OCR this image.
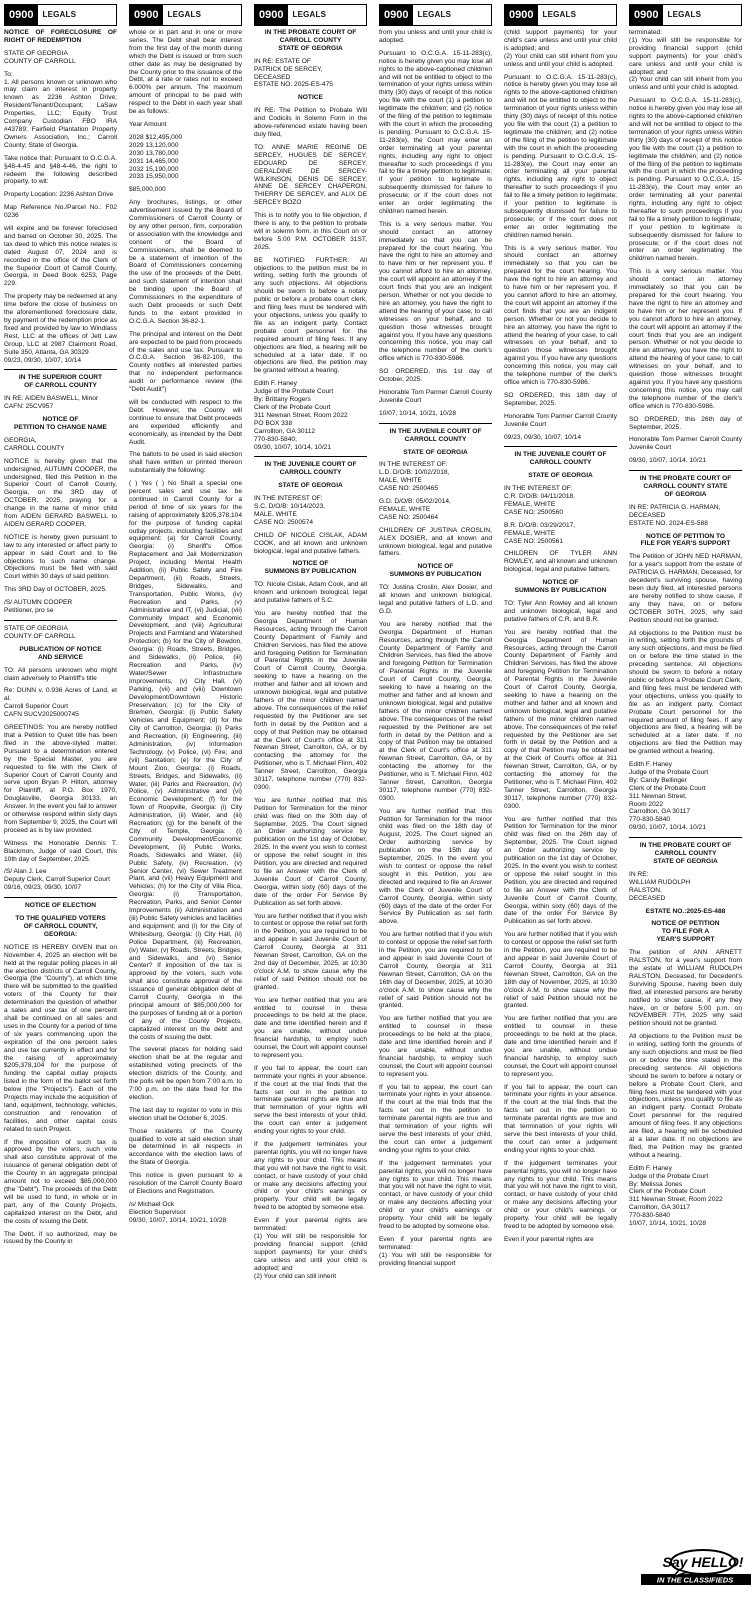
0900	LEGALS
NOTICE OF FORECLOSURE OF RIGHT OF REDEMPTION
STATE OF GEORGIA
COUNTY OF CARROLL
To:
1. All persons known or unknown who may claim an interest in property known as 2236 Ashton Drive; Resident/Tenant/Occupant; LaSaw Properties, LLC; Equity Trust Company Custodian FBO IRA #43789; Fairfield Plantation Property Owners Association, Inc.; Carroll County; State of Georgia.
Take notice that: Pursuant to O.C.G.A. §48-4-45 and §48-4-46, the right to redeem the following described property, to wit:
Property Location: 2236 Ashton Drive
Map Reference No./Parcel No.: F02 0236
will expire and be forever foreclosed and barred on October 30, 2025. The tax deed to which this notice relates is dated August 07, 2024 and is recorded in the office of the Clerk of the Superior Court of Carroll County, Georgia, in Deed Book 6253, Page 229.
The property may be redeemed at any time before the close of business on the aforementioned foreclosure date, by payment of the redemption price as fixed and provided by law to Windlass Rest, LLC at the offices of Jett Law Group, LLC at 2987 Clairmont Road, Suite 350, Atlanta, GA 30329
09/23, 09/30, 10/07, 10/14
IN THE SUPERIOR COURT
OF CARROLL COUNTY
IN RE: AIDEN BASWELL, Minor
CAFN: 25CV957
NOTICE OF
PETITION TO CHANGE NAME
GEORGIA,
CARROLL COUNTY
NOTICE is hereby given that the undersigned, AUTUMN COOPER, the undersigned, filed this Petition in the Superior Court of Carroll County, Georgia, on the 3RD day of OCTOBER, 2025, praying for a change in the name of minor child from AIDEN GERARD BASWELL to AIDEN GERARD COOPER.
NOTICE is hereby given pursuant to law to any interested or affect party to appear in said Court and to file objections to such name change. Objections must be filed with said Court within 30 days of said petition.
This 3RD Day of OCTOBER, 2025.
/S/ AUTUMN COOPER
Petitioner, pro se
STATE OF GEORGIA
COUNTY OF CARROLL
PUBLICATION OF NOTICE
AND SERVICE
TO: All persons unknown who might claim adversely to Plaintiff's title
Re: DUNN v. 0.936 Acres of Land, et al.
Carroll Superior Court
CAFN SUCV2025000745
GREETINGS: You are hereby notified that a Petition to Quiet title has been filed in the above-styled matter. Pursuant to a determination entered by the Special Master, you are requested to file with the Clerk of Superior Court of Carroll County and serve upon Bryan P. Hilton, attorney for Plaintiff, at P.O. Box 1970, Douglasville, Georgia 30133, an Answer. In the event you fail to answer or otherwise respond within sixty days from September 9, 2025, the Court will proceed as is by law provided.
Witness the Honorable Dennis T. Blackmon, Judge of said Court, this 10th day of September, 2025.
/S/ Alan J. Lee
Deputy Clerk, Carroll Superior Court
09/16, 09/23, 09/30, 10/07
NOTICE OF ELECTION
TO THE QUALIFIED VOTERS
OF CARROLL COUNTY,
GEORGIA:
NOTICE IS HEREBY GIVEN that on November 4, 2025 an election will be held at the regular polling places in all the election districts of Carroll County, Georgia (the "County"), at which time there will be submitted to the qualified voters of the County for their determination the question of whether a sales and use tax of one percent shall be continued on all sales and uses in the County for a period of time of six years commencing upon the expiration of the one percent sales and use tax currently in effect and for the raising of approximately $205,378,104 for the purpose of funding the capital outlay projects listed in the form of the ballot set forth below (the "Projects"). Each of the Projects may include the acquisition of land, equipment, technology, vehicles, construction and renovation of facilities, and other capital costs related to such Project.
If the imposition of such tax is approved by the voters, such vote shall also constitute approval of the issuance of general obligation debt of the County in an aggregate principal amount not to exceed $85,000,000 (the "Debt"). The proceeds of the Debt will be used to fund, in whole or in part, any of the County Projects, capitalized interest on the Debt, and the costs of issuing the Debt.
The Debt, if so authorized, may be issued by the County in
0900	LEGALS
whole or in part and in one or more series. The Debt shall bear interest from the first day of the month during which the Debt is issued or from such other date as may be designated by the County prior to the issuance of the Debt, at a rate or rates not to exceed 6.000% per annum. The maximum amount of principal to be paid with respect to the Debt in each year shall be as follows:
Year Amount
2028 $12,495,000
2029 13,120,000
2030 13,780,000
2031 14,465,000
2032 15,190,000
2033 15,950,000
$85,000,000
Any brochures, listings, or other advertisement issued by the Board of Commissioners of Carroll County or by any other person, firm, corporation or association with the knowledge and consent of the Board of Commissioners, shall be deemed to be a statement of intention of the Board of Commissioners concerning the use of the proceeds of the Debt, and such statement of intention shall be binding upon the Board of Commissioners in the expenditure of such Debt proceeds or such Debt funds to the extent provided in O.C.G.A. Section 36-82-1.
The principal and interest on the Debt are expected to be paid from proceeds of the sales and use tax. Pursuant to O.C.G.A. Section 36-82-100, the County notifies all interested parties that no independent performance audit or performance review (the "Debt Audit")
will be conducted with respect to the Debt. However, the County will continue to ensure that Debt proceeds are expended efficiently and economically, as intended by the Debt Audit.
The ballots to be used in said election shall have written or printed thereon substantially the following:
( ) Yes ( ) No Shall a special one percent sales and use tax be continued in Carroll County for a period of time of six years for the raising of approximately $205,378,104 for the purpose of funding capital outlay projects, including facilities and equipment: (a) for Carroll County, Georgia: (i) Sheriff's Office Replacement and Jail Modernization Project, including Mental Health Addition, (ii) Public Safety and Fire Department, (iii) Roads, Streets, Bridges, Sidewalks, and Transportation, Public Works, (iv) Recreation and Parks, (v) Administrative and IT, (vi) Judicial, (vii) Community Impact and Economic Development, and (viii) Agricultural Projects and Farmland and Watershed Protection; (b) for the City of Bowdon, Georgia: (i) Roads, Streets, Bridges, and Sidewalks, (ii) Police, (iii) Recreation and Parks, (iv) Water/Sewer Infrastructure Improvements, (v) City Hall, (vi) Parking, (vii) and (viii) Downtown Development/Downtown Historic Preservation; (c) for the City of Bremen, Georgia: (i) Public Safety Vehicles and Equipment; (d) for the City of Carrollton, Georgia: (i) Parks and Recreation, (ii) Engineering, (iii) Administration, (iv) Information Technology, (v) Police, (vi) Fire; and (vii) Sanitation; (e) for the City of Mount Zion, Georgia: (i) Roads, Streets, Bridges, and Sidewalks, (ii) Water, (iii) Parks and Recreation, (iv) Police, (v) Administrative and (vi) Economic Development; (f) for the Town of Roopville, Georgia: (i) City Administration, (ii) Water, and (iii) Recreation; (g) for the benefit of the City of Temple, Georgia: (i) Community Development/Economic Development, (ii) Public Works, Roads, Sidewalks and Water, (iii) Public Safety, (iv) Recreation, (v) Senior Center, (vi) Sewer Treatment Plant, and (vii) Heavy Equipment and Vehicles; (h) for the City of Villa Rica, Georgia: (i) Transportation, Recreation, Parks, and Senior Center Improvements (ii) Administration and (iii) Public Safety vehicles and facilities and equipment; and (i) for the City of Whitesburg, Georgia: (i) City Hall, (ii) Police Department, (iii) Recreation, (iv) Water, (v) Roads, Streets, Bridges, and Sidewalks, and (vi) Senior Center? If imposition of the tax is approved by the voters, such vote shall also constitute approval of the issuance of general obligation debt of Carroll County, Georgia in the principal amount of $85,000,000 for the purposes of funding all or a portion of any of the County Projects, capitalized interest on the debt and the costs of issuing the debt.
The several places for holding said election shall be at the regular and established voting precincts of the election districts of the County, and the polls will be open from 7:00 a.m. to 7:00 p.m. on the date fixed for the election.
The last day to register to vote in this election shall be October 6, 2025.
Those residents of the County qualified to vote at said election shall be determined in all respects in accordance with the election laws of the State of Georgia.
This notice is given pursuant to a resolution of the Carroll County Board of Elections and Registration.
/s/ Michael Ock
Election Supervisor
09/30, 10/07, 10/14, 10/21, 10/28
0900	LEGALS
IN THE PROBATE COURT OF
CARROLL COUNTY
STATE OF GEORGIA
IN RE: ESTATE OF
PATRICK DE SERCEY,
DECEASED
ESTATE NO. 2025-ES-475
NOTICE
IN RE: The Petition to Probate Will and Codicils in Solemn Form in the above-referenced estate having been duly filed,
TO: ANNE MARIE REGINE DE SERCEY, HUGUES DE SERCEY, EDOUARD DE SERCEY, GERALDINE DE SERCEY-WILKINSON, DENIS DE SERCEY, ANNE DE SERCEY CHAPERON, THIERRY DE SERCEY, and ALIX DE SERCEY BOZO
This is to notify you to file objection, if there is any, to the petition to probate will in solemn form, in this Court on or before 5:00 P.M. OCTOBER 31ST, 2025.
BE NOTIFIED FURTHER: All objections to the petition must be in writing, setting forth the grounds of any such objections. All objections should be sworn to before a notary public or before a probate court clerk, and filing fees must be tendered with your objections, unless you qualify to file as an indigent party. Contact probate court personnel for the required amount of filing fees. If any objections are filed, a hearing will be scheduled at a later date. If no objections are filed, the petition may be granted without a hearing.
Edith F. Haney
Judge of the Probate Court
By: Brittany Rogers
Clerk of the Probate Court
311 Newnan Street, Room 2022
PO BOX 338
Carrollton, GA 30112
770-830-5840,
09/30, 10/07, 10/14, 10/21
IN THE JUVENILE COURT OF
CARROLL COUNTY
STATE OF GEORGIA
IN THE INTEREST OF:
S.C. D/O/B: 10/14/2023,
MALE, WHITE
CASE NO: 2500574
CHILD OF NICOLE CISLAK, ADAM COOK, and all known and unknown biological, legal and putative fathers.
NOTICE OF
SUMMONS BY PUBLICATION
TO: Nicole Cislak, Adam Cook, and all known and unknown biological, legal and putative fathers of S.C.
You are hereby notified that the Georgia Department of Human Resources, acting through the Carroll County Department of Family and Children Services, has filed the above and foregoing Petition for Termination of Parental Rights in the Juvenile Court of Carroll County, Georgia, seeking to have a hearing on the mother and father and all known and unknown biological, legal and putative fathers of the minor children named above. The consequences of the relief requested by the Petitioner are set forth in detail by the Petition and a copy of that Petition may be obtained at the Clerk of Court's office at 311 Newnan Street, Carrollton, GA, or by contacting the attorney for the Petitioner, who is T. Michael Flinn, 402 Tanner Street, Carrollton, Georgia 30117, telephone number (770) 832-0300.
You are further notified that this Petition for Termination for the minor child was filed on the 30th day of September, 2025. The Court signed an Order authorizing service by publication on the 1st day of October, 2025. In the event you wish to contest or oppose the relief sought in this Petition, you are directed and required to file an Answer with the Clerk of Juvenile Court of Carroll County, Georgia, within sixty (60) days of the date of the order For Service By Publication as set forth above.
You are further notified that if you wish to contest or oppose the relief set forth in the Petition, you are required to be and appear in said Juvenile Court of Carroll County, Georgia at 311 Newnan Street, Carrollton, GA on the 2nd day of December, 2025, at 10:30 o'clock A.M. to show cause why the relief of said Petition should not be granted.
You are further notified that you are entitled to counsel in these proceedings to be held at the place, date and time identified herein and if you are unable, without undue financial hardship, to employ such counsel, the Court will appoint counsel to represent you.
If you fail to appear, the court can terminate your rights in your absence. If the court at the trial finds that the facts set out in the petition to terminate parental rights are true and that termination of your rights will serve the best interests of your child, the court can enter a judgement ending your rights to your child.
If the judgement terminates your parental rights, you will no longer have any rights to your child. This means that you will not have the right to visit, contact, or have custody of your child or make any decisions affecting your child or your child's earnings or property. Your child will be legally freed to be adopted by someone else.
Even if your parental rights are terminated:
(1) You will still be responsible for providing financial support (child support payments) for your child's care unless and until your child is adopted; and
(2) Your child can still inherit
0900	LEGALS
from you unless and until your child is adopted.
Pursuant to O.C.G.A. 15-11-283(c), notice is hereby given you may lose all rights to the above-captioned child/ren and will not be entitled to object to the termination of your rights unless within thirty (30) days of receipt of this notice you file with the court (1) a petition to legitimate the child/ren; and (2) notice of the filing of the petition to legitimate with the court in which the proceeding is pending. Pursuant to O.C.G.A. 15-11-283(e), the Court may enter an order terminating all your parental rights, including any right to object thereafter to such proceedings if you fail to file a timely petition to legitimate; if your petition to legitimate is subsequently dismissed for failure to prosecute; or if the court does not enter an order legitimating the child/ren named herein.
This is a very serious matter. You should contact an attorney immediately so that you can be prepared for the court hearing. You have the right to hire an attorney and to have him or her represent you. If you cannot afford to hire an attorney, the court will appoint an attorney if the court finds that you are an indigent person. Whether or not you decide to hire an attorney, you have the right to attend the hearing of your case, to call witnesses on your behalf, and to question those witnesses brought against you. If you have any questions concerning this notice, you may call the telephone number of the clerk's office which is 770-830-5986.
SO ORDERED, this 1st day of October, 2025.
Honorable Tom Parmer Carroll County Juvenile Court
10/07, 10/14, 10/21, 10/28
IN THE JUVENILE COURT OF
CARROLL COUNTY
STATE OF GEORGIA
IN THE INTEREST OF:
L.D. D/O/B: 10/02/2018,
MALE, WHITE
CASE NO: 2500465
G.D. D/O/B: 05/02/2014,
FEMALE, WHITE
CASE NO: 2500464
CHILDREN OF JUSTINA CROSLIN, ALEX DOSIER, and all known and unknown biological, legal and putative fathers.
NOTICE OF
SUMMONS BY PUBLICATION
TO: Justina Croslin, Alex Dosier, and all known and unknown biological, legal and putative fathers of L.D. and G.D.
You are hereby notified that the Georgia Department of Human Resources, acting through the Carroll County Department of Family and Children Services, has filed the above and foregoing Petition for Termination of Parental Rights in the Juvenile Court of Carroll County, Georgia, seeking to have a hearing on the mother and father and all known and unknown biological, legal and putative fathers of the minor children named above. The consequences of the relief requested by the Petitioner are set forth in detail by the Petition and a copy of that Petition may be obtained at the Clerk of Court's office at 311 Newnan Street, Carrollton, GA, or by contacting the attorney for the Petitioner, who is T. Michael Flinn, 402 Tanner Street, Carrollton, Georgia 30117, telephone number (770) 832-0300.
You are further notified that this Petition for Termination for the minor child was filed on the 18th day of August, 2025. The Court signed an Order authorizing service by publication on the 15th day of September, 2025. In the event you wish to contest or oppose the relief sought in this Petition, you are directed and required to file an Answer with the Clerk of Juvenile Court of Carroll County, Georgia, within sixty (60) days of the date of the order For Service By Publication as set forth above.
You are further notified that if you wish to contest or oppose the relief set forth in the Petition, you are required to be and appear in said Juvenile Court of Carroll County, Georgia at 311 Newnan Street, Carrollton, GA on the 16th day of December, 2025, at 10:30 o'clock A.M. to show cause why the relief of said Petition should not be granted.
You are further notified that you are entitled to counsel in these proceedings to be held at the place, date and time identified herein and if you are unable, without undue financial hardship, to employ such counsel, the Court will appoint counsel to represent you.
If you fail to appear, the court can terminate your rights in your absence. If the court at the trial finds that the facts set out in the petition to terminate parental rights are true and that termination of your rights will serve the best interests of your child, the court can enter a judgement ending your rights to your child.
If the judgement terminates your parental rights, you will no longer have any rights to your child. This means that you will not have the right to visit, contact, or have custody of your child or make any decisions affecting your child or your child's earnings or property. Your child will be legally freed to be adopted by someone else.
Even if your parental rights are terminated:
(1) You will still be responsible for providing financial support
0900	LEGALS
(child support payments) for your child's care unless and until your child is adopted; and
(2) Your child can still inherit from you unless and until your child is adopted.
Pursuant to O.C.G.A. 15-11-283(c), notice is hereby given you may lose all rights to the above-captioned child/ren and will not be entitled to object to the termination of your rights unless within thirty (30) days of receipt of this notice you file with the court (1) a petition to legitimate the child/ren; and (2) notice of the filing of the petition to legitimate with the court in which the proceeding is pending. Pursuant to O.C.G.A. 15-11-283(e), the Court may enter an order terminating all your parental rights, including any right to object thereafter to such proceedings if you fail to file a timely petition to legitimate; if your petition to legitimate is subsequently dismissed for failure to prosecute; or if the court does not enter an order legitimating the child/ren named herein.
This is a very serious matter. You should contact an attorney immediately so that you can be prepared for the court hearing. You have the right to hire an attorney and to have him or her represent you. If you cannot afford to hire an attorney, the court will appoint an attorney if the court finds that you are an indigent person. Whether or not you decide to hire an attorney, you have the right to attend the hearing of your case, to call witnesses on your behalf, and to question those witnesses brought against you. If you have any questions concerning this notice, you may call the telephone number of the clerk's office which is 770-830-5986.
SO ORDERED, this 18th day of September, 2025.
Honorable Tom Parmer Carroll County Juvenile Court
09/23, 09/30, 10/07, 10/14
IN THE JUVENILE COURT OF
CARROLL COUNTY
STATE OF GEORGIA
IN THE INTEREST OF:
C.R. D/O/B: 04/11/2018,
FEMALE, WHITE
CASE NO: 2500560
B.R. D/O/B: 03/29/2017,
FEMALE, WHITE
CASE NO: 2500561
CHILDREN OF TYLER ANN ROWLEY, and all known and unknown biological, legal and putative fathers.
NOTICE OF
SUMMONS BY PUBLICATION
TO: Tyler Ann Rowley and all known and unknown biological, legal and putative fathers of C.R. and B.R.
You are hereby notified that the Georgia Department of Human Resources, acting through the Carroll County Department of Family and Children Services, has filed the above and foregoing Petition for Termination of Parental Rights in the Juvenile Court of Carroll County, Georgia, seeking to have a hearing on the mother and father and all known and unknown biological, legal and putative fathers of the minor children named above. The consequences of the relief requested by the Petitioner are set forth in detail by the Petition and a copy of that Petition may be obtained at the Clerk of Court's office at 311 Newnan Street, Carrollton, GA, or by contacting the attorney for the Petitioner, who is T. Michael Flinn, 402 Tanner Street, Carrollton, Georgia 30117, telephone number (770) 832-0300.
You are further notified that this Petition for Termination for the minor child was filed on the 26th day of September, 2025. The Court signed an Order authorizing service by publication on the 1st day of October, 2025. In the event you wish to contest or oppose the relief sought in this Petition, you are directed and required to file an Answer with the Clerk of Juvenile Court of Carroll County, Georgia, within sixty (60) days of the date of the order For Service By Publication as set forth above.
You are further notified that if you wish to contest or oppose the relief set forth in the Petition, you are required to be and appear in said Juvenile Court of Carroll County, Georgia at 311 Newnan Street, Carrollton, GA on the 18th day of November, 2025, at 10:30 o'clock A.M. to show cause why the relief of said Petition should not be granted.
You are further notified that you are entitled to counsel in these proceedings to be held at the place, date and time identified herein and if you are unable, without undue financial hardship, to employ such counsel, the Court will appoint counsel to represent you.
If you fail to appear, the court can terminate your rights in your absence. If the court at the trial finds that the facts set out in the petition to terminate parental rights are true and that termination of your rights will serve the best interests of your child, the court can enter a judgement ending your rights to your child.
If the judgement terminates your parental rights, you will no longer have any rights to your child. This means that you will not have the right to visit, contact, or have custody of your child or make any decisions affecting your child or your child's earnings or property. Your child will be legally freed to be adopted by someone else.
Even if your parental rights are
0900	LEGALS
terminated:
(1) You will still be responsible for providing financial support (child support payments) for your child's care unless and until your child is adopted; and
(2) Your child can still inherit from you unless and until your child is adopted.
Pursuant to O.C.G.A. 15-11-283(c), notice is hereby given you may lose all rights to the above-captioned child/ren and will not be entitled to object to the termination of your rights unless within thirty (30) days of receipt of this notice you file with the court (1) a petition to legitimate the child/ren; and (2) notice of the filing of the petition to legitimate with the court in which the proceeding is pending. Pursuant to O.C.G.A. 15-11-283(e), the Court may enter an order terminating all your parental rights, including any right to object thereafter to such proceedings if you fail to file a timely petition to legitimate; if your petition to legitimate is subsequently dismissed for failure to prosecute; or if the court does not enter an order legitimating the child/ren named herein.
This is a very serious matter. You should contact an attorney immediately so that you can be prepared for the court hearing. You have the right to hire an attorney and to have him or her represent you. If you cannot afford to hire an attorney, the court will appoint an attorney if the court finds that you are an indigent person. Whether or not you decide to hire an attorney, you have the right to attend the hearing of your case, to call witnesses on your behalf, and to question those witnesses brought against you. If you have any questions concerning this notice, you may call the telephone number of the clerk's office which is 770-830-5986.
SO ORDERED, this 26th day of September, 2025.
Honorable Tom Parmer Carroll County Juvenile Court
09/30, 10/07, 10/14, 10/21
IN THE PROBATE COURT OF
CARROLL COUNTY STATE
OF GEORGIA
IN RE: PATRICIA G. HARMAN,
DECEASED
ESTATE NO. 2024-ES-588
NOTICE OF PETITION TO
FILE FOR YEAR'S SUPPORT
The Petition of JOHN NED HARMAN, for a year's support from the estate of PATRICIA G. HARMAN, Deceased, for decedent's surviving spouse, having been duly filed, all interested persons are hereby notified to show cause, if any they have, on or before OCTOBER 30TH, 2025, why said Petition should not be granted.
All objections to the Petition must be in writing, setting forth the grounds of any such objections, and must be filed on or before the time stated in the preceding sentence. All objections should be sworn to before a notary public or before a Probate Court Clerk, and filing fees must be tendered with your objections, unless you qualify to file as an indigent party. Contact Probate Court personnel for the required amount of filing fees. If any objections are filed, a hearing will be scheduled at a later date. If no objections are filed the Petition may be granted without a hearing.
Edith F. Haney
Judge of the Probate Court
By: Candy Bellinger
Clerk of the Probate Court
311 Newnan Street,
Room 2022
Carrollton, GA 30117
770-830-5840
09/30, 10/07, 10/14, 10/21
IN THE PROBATE COURT OF
CARROLL COUNTY
STATE OF GEORGIA
IN RE:
WILLIAM RUDOLPH
RALSTON,
DECEASED
ESTATE NO.:2025-ES-488
NOTICE OF PETITION
TO FILE FOR A
YEAR'S SUPPORT
The petition of ANN ARNETT RALSTON, for a year's support from the estate of WILLIAM RUDOLPH RALSTON, Deceased, for Decedent's Surviving Spouse, having been duly filed, all interested persons are hereby notified to show cause, if any they have, on or before 5:00 p.m. on NOVEMBER 7TH, 2025 why said petition should not be granted.
All objections to the Petition must be in writing, setting forth the grounds of any such objections and must be filed on or before the time stated in the preceding sentence. All objections should be sworn to before a notary or before a Probate Court Clerk, and filing fees must be tendered with your objections, unless you qualify to file as an indigent party. Contact Probate Court personnel for the required amount of filing fees. If any objections are filed, a hearing will be scheduled at a later date. If no objections are filed, the Petition may be granted without a hearing.
Edith F. Haney
Judge of the Probate Court
By: Melissa Jones
Clerk of the Probate Court
311 Newnan Street, Room 2022
Carrollton, GA 30117
770-830-5840
10/07, 10/14, 10/21, 10/28
IN THE CLASSIFIEDS
Say HELLO!
